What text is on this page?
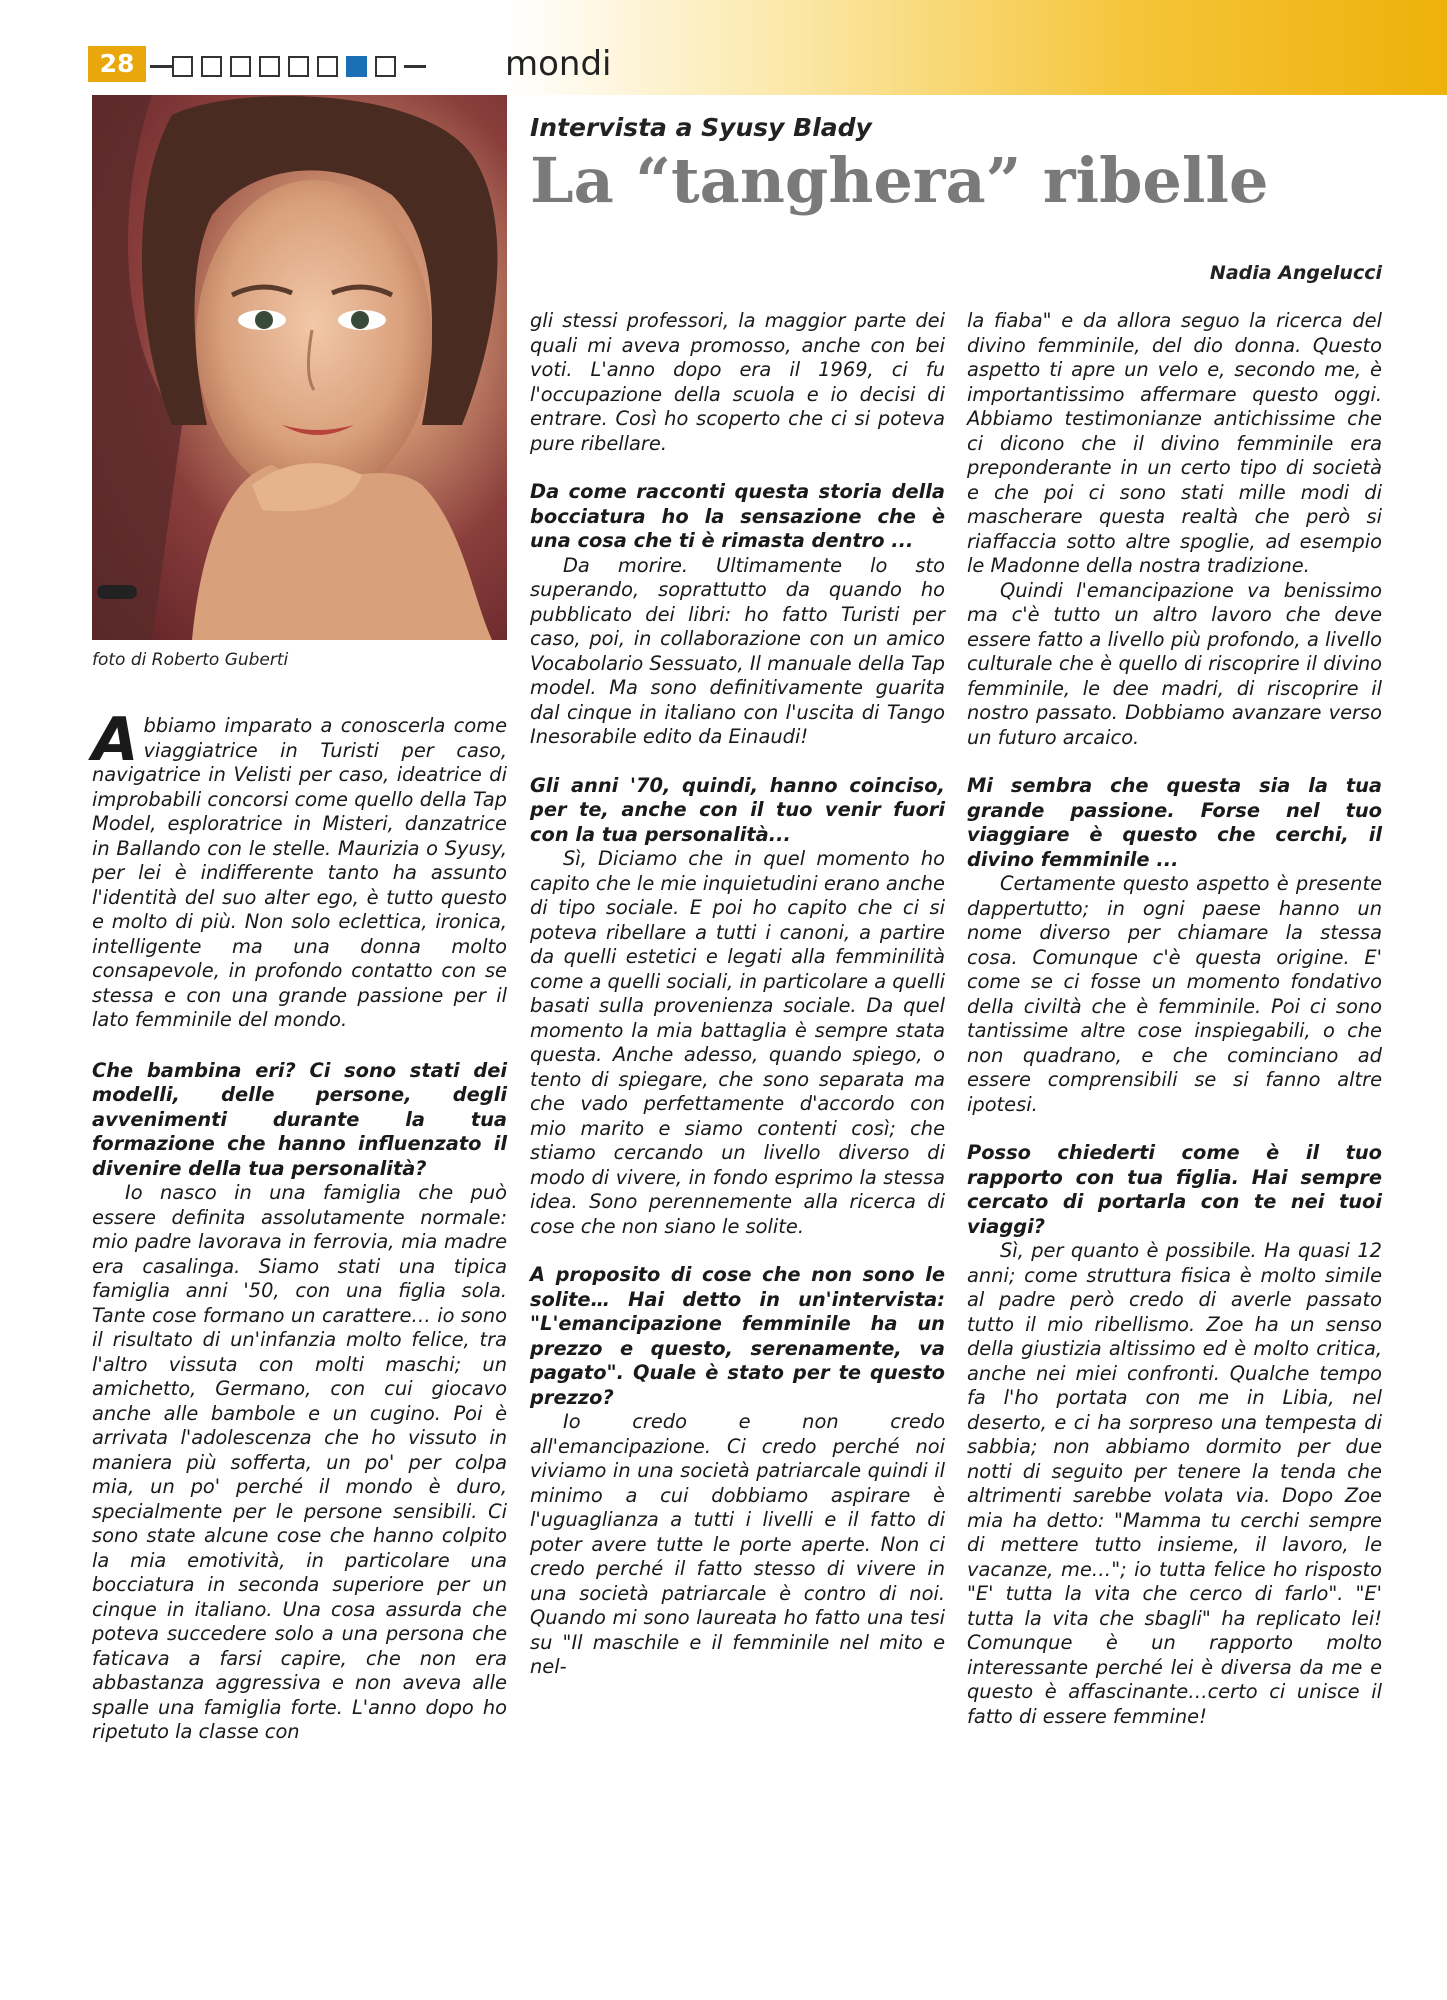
28	mondi
foto di Roberto Guberti
Intervista a Syusy Blady
La “tanghera” ribelle
Nadia Angelucci

Abbiamo imparato a conoscerla come viaggiatrice in Turisti per caso, navigatrice in Velisti per caso, ideatrice di improbabili concorsi come quello della Tap Model, esploratrice in Misteri, danzatrice in Ballando con le stelle. Maurizia o Syusy, per lei è indifferente tanto ha assunto l'identità del suo alter ego, è tutto questo e molto di più. Non solo eclettica, ironica, intelligente ma una donna molto consapevole, in profondo contatto con se stessa e con una grande passione per il lato femminile del mondo.

Che bambina eri? Ci sono stati dei modelli, delle persone, degli avvenimenti durante la tua formazione che hanno influenzato il divenire della tua personalità?

Io nasco in una famiglia che può essere definita assolutamente normale: mio padre lavorava in ferrovia, mia madre era casalinga. Siamo stati una tipica famiglia anni '50, con una figlia sola. Tante cose formano un carattere… io sono il risultato di un'infanzia molto felice, tra l'altro vissuta con molti maschi; un amichetto, Germano, con cui giocavo anche alle bambole e un cugino. Poi è arrivata l'adolescenza che ho vissuto in maniera più sofferta, un po' per colpa mia, un po' perché il mondo è duro, specialmente per le persone sensibili. Ci sono state alcune cose che hanno colpito la mia emotività, in particolare una bocciatura in seconda superiore per un cinque in italiano. Una cosa assurda che poteva succedere solo a una persona che faticava a farsi capire, che non era abbastanza aggressiva e non aveva alle spalle una famiglia forte. L'anno dopo ho ripetuto la classe con

gli stessi professori, la maggior parte dei quali mi aveva promosso, anche con bei voti. L'anno dopo era il 1969, ci fu l'occupazione della scuola e io decisi di entrare. Così ho scoperto che ci si poteva pure ribellare.

Da come racconti questa storia della bocciatura ho la sensazione che è una cosa che ti è rimasta dentro ...

Da morire. Ultimamente lo sto superando, soprattutto da quando ho pubblicato dei libri: ho fatto Turisti per caso, poi, in collaborazione con un amico Vocabolario Sessuato, Il manuale della Tap model. Ma sono definitivamente guarita dal cinque in italiano con l'uscita di Tango Inesorabile edito da Einaudi!

Gli anni '70, quindi, hanno coinciso, per te, anche con il tuo venir fuori con la tua personalità...

Sì, Diciamo che in quel momento ho capito che le mie inquietudini erano anche di tipo sociale. E poi ho capito che ci si poteva ribellare a tutti i canoni, a partire da quelli estetici e legati alla femminilità come a quelli sociali, in particolare a quelli basati sulla provenienza sociale. Da quel momento la mia battaglia è sempre stata questa. Anche adesso, quando spiego, o tento di spiegare, che sono separata ma che vado perfettamente d'accordo con mio marito e siamo contenti così; che stiamo cercando un livello diverso di modo di vivere, in fondo esprimo la stessa idea. Sono perennemente alla ricerca di cose che non siano le solite.

A proposito di cose che non sono le solite… Hai detto in un'intervista: "L'emancipazione femminile ha un prezzo e questo, serenamente, va pagato". Quale è stato per te questo prezzo?

Io credo e non credo all'emancipazione. Ci credo perché noi viviamo in una società patriarcale quindi il minimo a cui dobbiamo aspirare è l'uguaglianza a tutti i livelli e il fatto di poter avere tutte le porte aperte. Non ci credo perché il fatto stesso di vivere in una società patriarcale è contro di noi. Quando mi sono laureata ho fatto una tesi su "Il maschile e il femminile nel mito e nel-

la fiaba" e da allora seguo la ricerca del divino femminile, del dio donna. Questo aspetto ti apre un velo e, secondo me, è importantissimo affermare questo oggi. Abbiamo testimonianze antichissime che ci dicono che il divino femminile era preponderante in un certo tipo di società e che poi ci sono stati mille modi di mascherare questa realtà che però si riaffaccia sotto altre spoglie, ad esempio le Madonne della nostra tradizione.

Quindi l'emancipazione va benissimo ma c'è tutto un altro lavoro che deve essere fatto a livello più profondo, a livello culturale che è quello di riscoprire il divino femminile, le dee madri, di riscoprire il nostro passato. Dobbiamo avanzare verso un futuro arcaico.

Mi sembra che questa sia la tua grande passione. Forse nel tuo viaggiare è questo che cerchi, il divino femminile ...

Certamente questo aspetto è presente dappertutto; in ogni paese hanno un nome diverso per chiamare la stessa cosa. Comunque c'è questa origine. E' come se ci fosse un momento fondativo della civiltà che è femminile. Poi ci sono tantissime altre cose inspiegabili, o che non quadrano, e che cominciano ad essere comprensibili se si fanno altre ipotesi.

Posso chiederti come è il tuo rapporto con tua figlia. Hai sempre cercato di portarla con te nei tuoi viaggi?

Sì, per quanto è possibile. Ha quasi 12 anni; come struttura fisica è molto simile al padre però credo di averle passato tutto il mio ribellismo. Zoe ha un senso della giustizia altissimo ed è molto critica, anche nei miei confronti. Qualche tempo fa l'ho portata con me in Libia, nel deserto, e ci ha sorpreso una tempesta di sabbia; non abbiamo dormito per due notti di seguito per tenere la tenda che altrimenti sarebbe volata via. Dopo Zoe mia ha detto: "Mamma tu cerchi sempre di mettere tutto insieme, il lavoro, le vacanze, me…"; io tutta felice ho risposto "E' tutta la vita che cerco di farlo". "E' tutta la vita che sbagli" ha replicato lei! Comunque è un rapporto molto interessante perché lei è diversa da me e questo è affascinante…certo ci unisce il fatto di essere femmine!
